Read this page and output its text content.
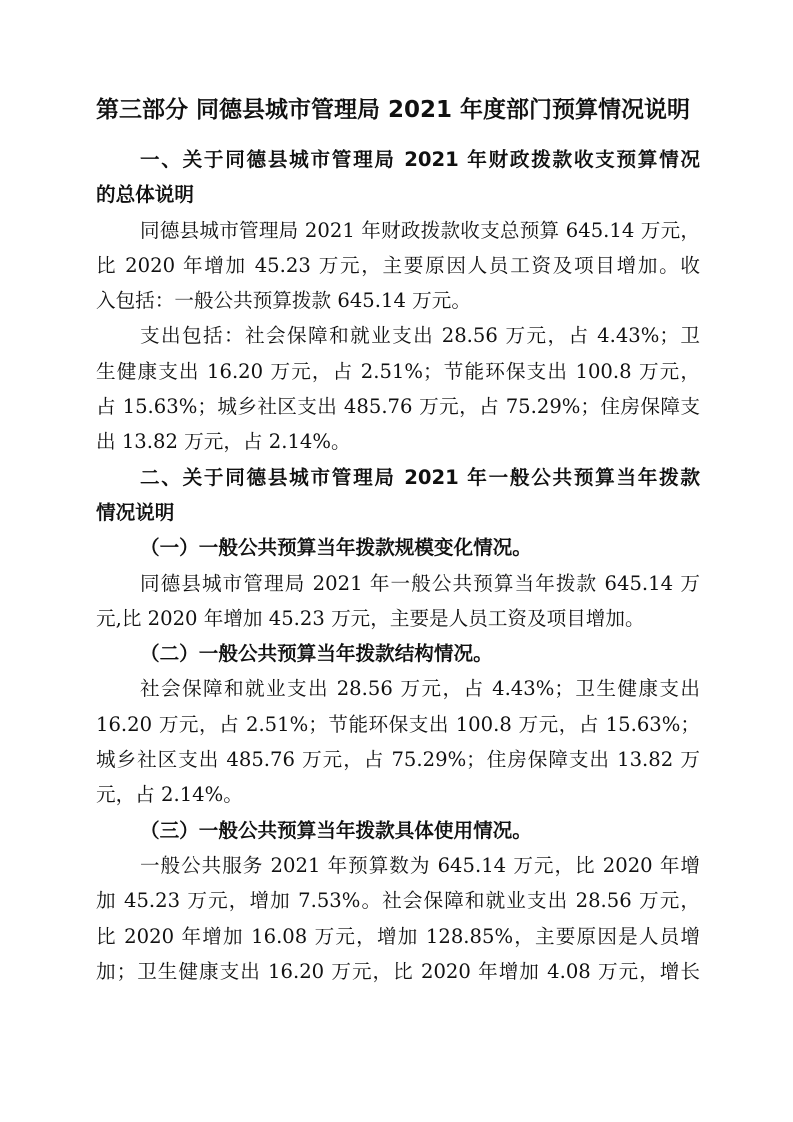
第三部分 同德县城市管理局 2021 年度部门预算情况说明
一、关于同德县城市管理局 2021 年财政拨款收支预算情况
的总体说明
同德县城市管理局 2021 年财政拨款收支总预算 645.14 万元，
比 2020 年增加 45.23 万元，主要原因人员工资及项目增加。收
入包括：一般公共预算拨款 645.14 万元。
支出包括：社会保障和就业支出 28.56 万元，占 4.43%；卫
生健康支出 16.20 万元，占 2.51%；节能环保支出 100.8 万元，
占 15.63%；城乡社区支出 485.76 万元，占 75.29%；住房保障支
出 13.82 万元，占 2.14%。
二、关于同德县城市管理局 2021 年一般公共预算当年拨款
情况说明
（一）一般公共预算当年拨款规模变化情况。
同德县城市管理局 2021 年一般公共预算当年拨款 645.14 万
元,比 2020 年增加 45.23 万元，主要是人员工资及项目增加。
（二）一般公共预算当年拨款结构情况。
社会保障和就业支出 28.56 万元，占 4.43%；卫生健康支出
16.20 万元，占 2.51%；节能环保支出 100.8 万元，占 15.63%；
城乡社区支出 485.76 万元，占 75.29%；住房保障支出 13.82 万
元，占 2.14%。
（三）一般公共预算当年拨款具体使用情况。
一般公共服务 2021 年预算数为 645.14 万元，比 2020 年增
加 45.23 万元，增加 7.53%。社会保障和就业支出 28.56 万元，
比 2020 年增加 16.08 万元，增加 128.85%，主要原因是人员增
加；卫生健康支出 16.20 万元，比 2020 年增加 4.08 万元，增长
